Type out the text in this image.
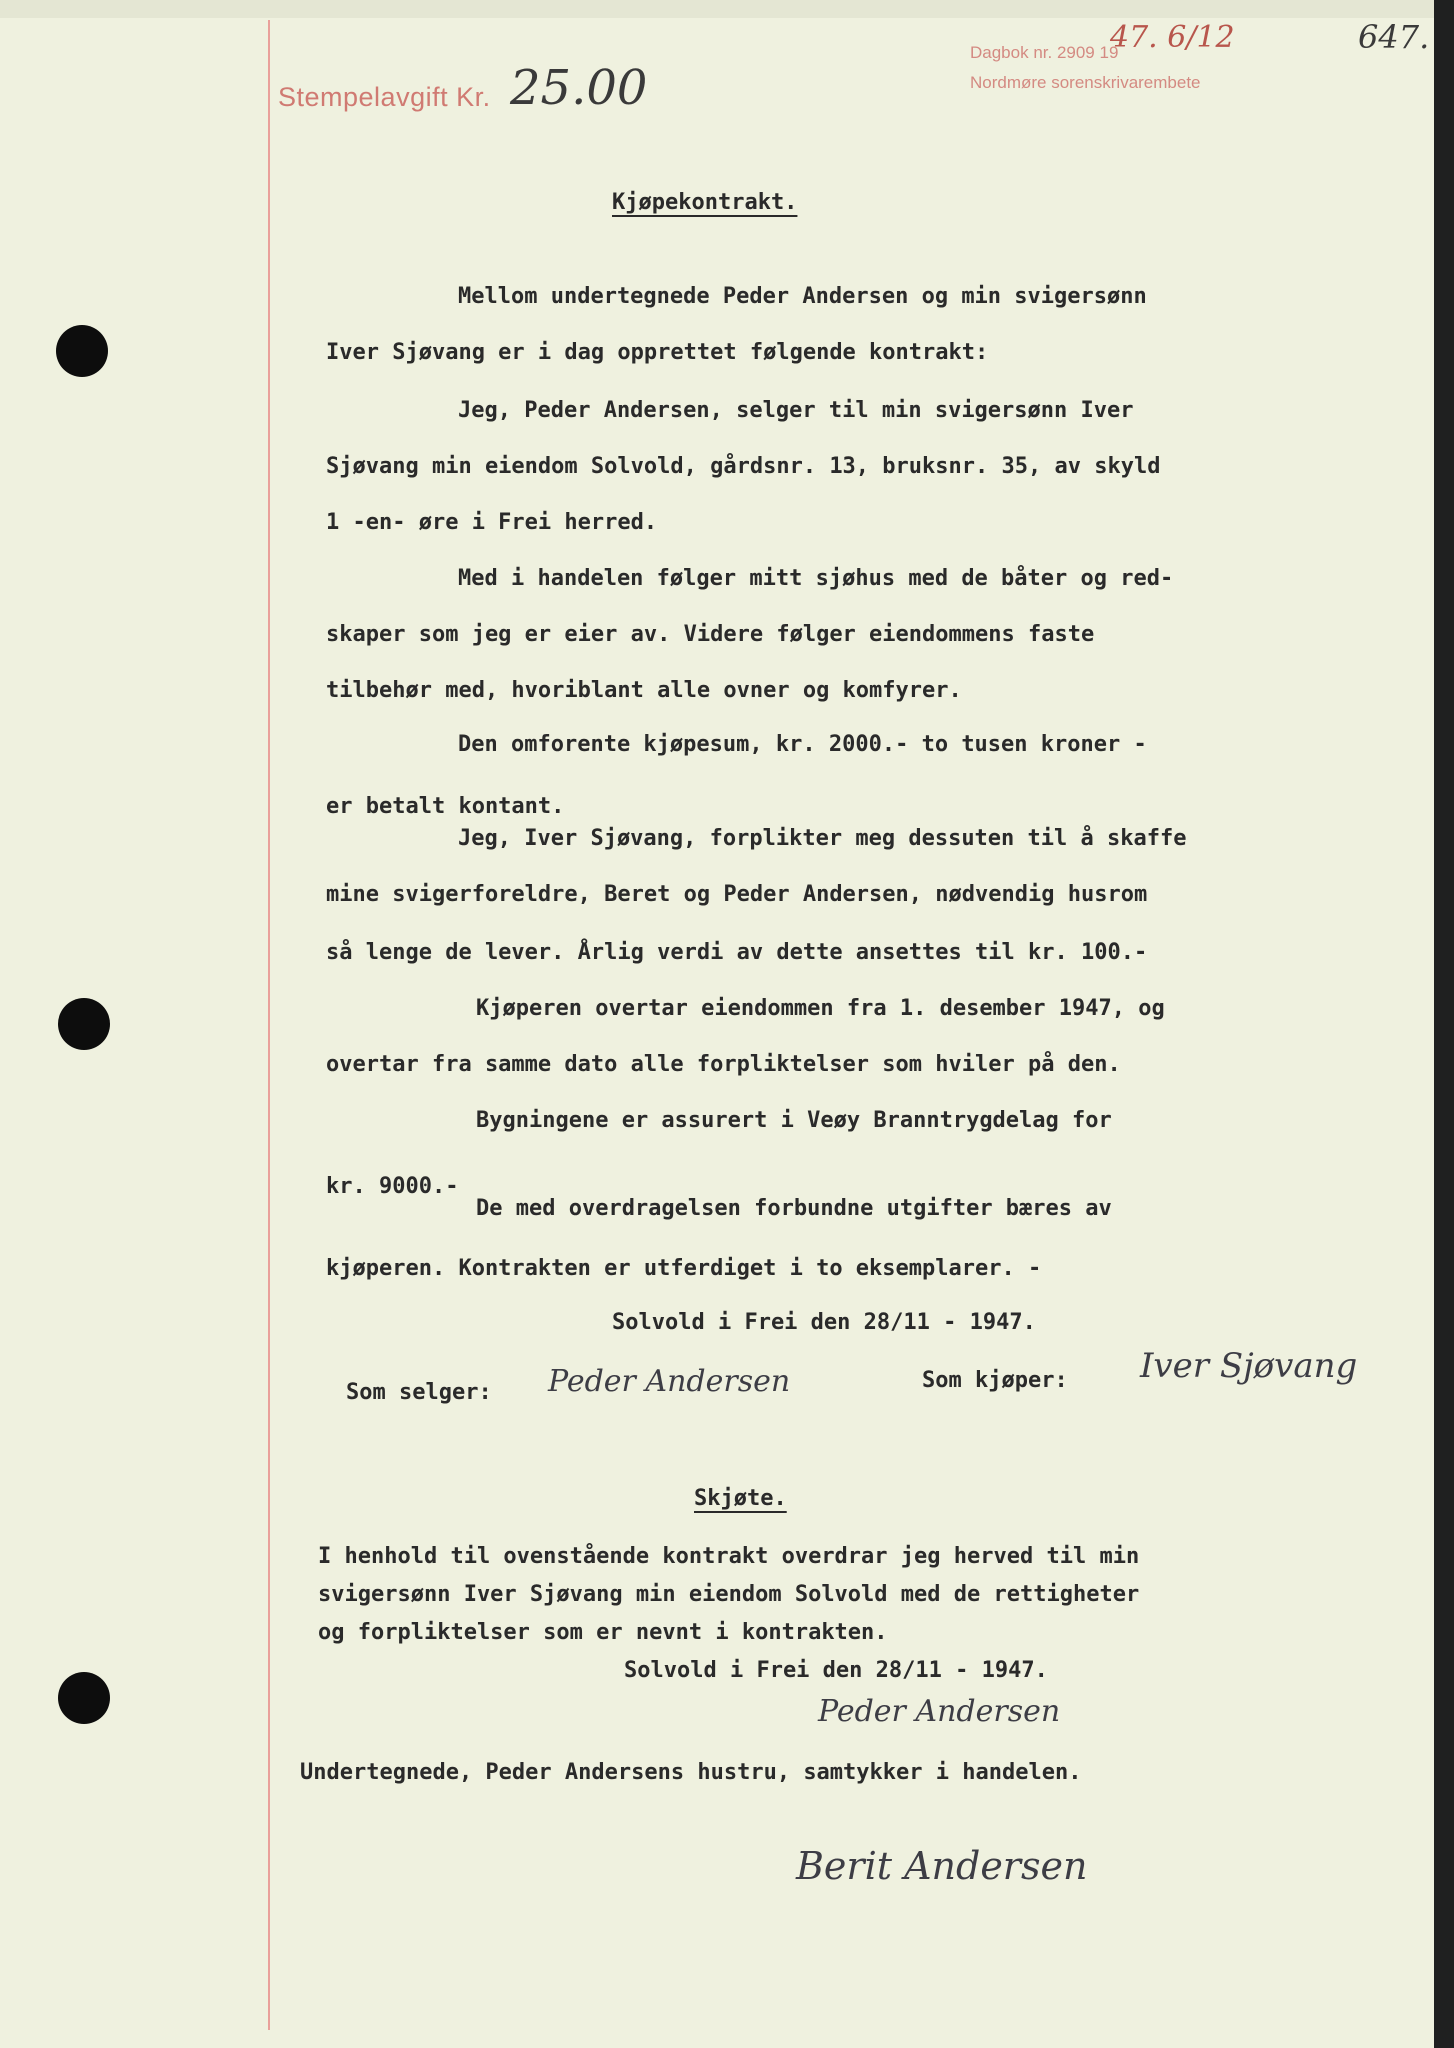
Stempelavgift Kr. 25.00
Dagbok nr. 2909 19
Nordmøre sorenskrivarembete
47. 6/12	647.
Kjøpekontrakt.
Mellom undertegnede Peder Andersen og min svigersønn
Iver Sjøvang er i dag opprettet følgende kontrakt:
Jeg, Peder Andersen, selger til min svigersønn Iver
Sjøvang min eiendom Solvold, gårdsnr. 13, bruksnr. 35, av skyld
1 -en- øre i Frei herred.
Med i handelen følger mitt sjøhus med de båter og red-
skaper som jeg er eier av. Videre følger eiendommens faste
tilbehør med, hvoriblant alle ovner og komfyrer.
Den omforente kjøpesum, kr. 2000.- to tusen kroner -
er betalt kontant.
Jeg, Iver Sjøvang, forplikter meg dessuten til å skaffe
mine svigerforeldre, Beret og Peder Andersen, nødvendig husrom
så lenge de lever. Årlig verdi av dette ansettes til kr. 100.-
Kjøperen overtar eiendommen fra 1. desember 1947, og
overtar fra samme dato alle forpliktelser som hviler på den.
Bygningene er assurert i Veøy Branntrygdelag for
kr. 9000.-
De med overdragelsen forbundne utgifter bæres av
kjøperen. Kontrakten er utferdiget i to eksemplarer. -
Solvold i Frei den 28/11 - 1947.
Som selger: Peder Andersen	Som kjøper: Iver Sjøvang
Skjøte.
I henhold til ovenstående kontrakt overdrar jeg herved til min
svigersønn Iver Sjøvang min eiendom Solvold med de rettigheter
og forpliktelser som er nevnt i kontrakten.
Solvold i Frei den 28/11 - 1947.
Peder Andersen
Undertegnede, Peder Andersens hustru, samtykker i handelen.
Berit Andersen
